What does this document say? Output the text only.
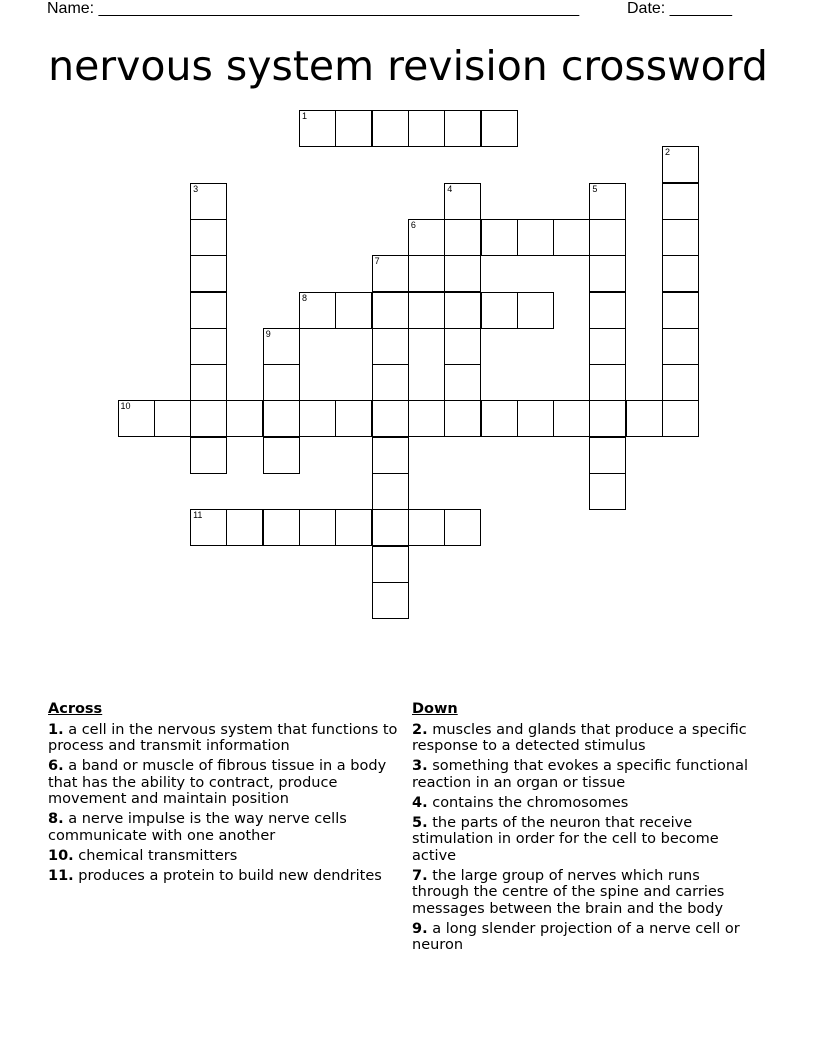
Name: ______________________________________________________	Date: _______
nervous system revision crossword
1
2
3	4	5
6
7
8
9
10
11
Across
1. a cell in the nervous system that functions to process and transmit information
6. a band or muscle of fibrous tissue in a body that has the ability to contract, produce movement and maintain position
8. a nerve impulse is the way nerve cells communicate with one another
10. chemical transmitters
11. produces a protein to build new dendrites
Down
2. muscles and glands that produce a specific response to a detected stimulus
3. something that evokes a specific functional reaction in an organ or tissue
4. contains the chromosomes
5. the parts of the neuron that receive stimulation in order for the cell to become active
7. the large group of nerves which runs through the centre of the spine and carries messages between the brain and the body
9. a long slender projection of a nerve cell or neuron
